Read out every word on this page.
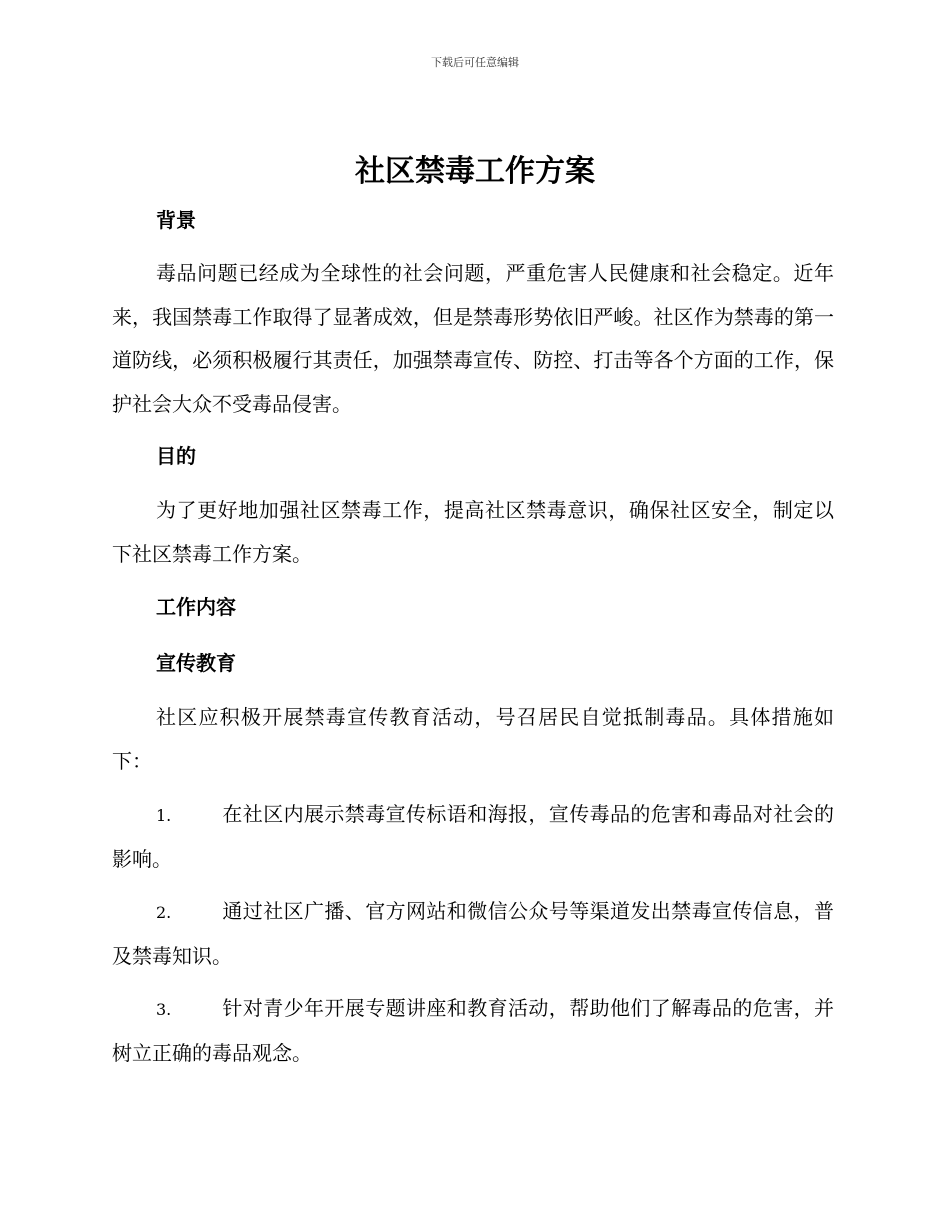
下载后可任意编辑
社区禁毒工作方案
背景

毒品问题已经成为全球性的社会问题，严重危害人民健康和社会稳定。近年来，我国禁毒工作取得了显著成效，但是禁毒形势依旧严峻。社区作为禁毒的第一道防线，必须积极履行其责任，加强禁毒宣传、防控、打击等各个方面的工作，保护社会大众不受毒品侵害。

目的

为了更好地加强社区禁毒工作，提高社区禁毒意识，确保社区安全，制定以下社区禁毒工作方案。

工作内容
宣传教育

社区应积极开展禁毒宣传教育活动，号召居民自觉抵制毒品。具体措施如下：

1.	在社区内展示禁毒宣传标语和海报，宣传毒品的危害和毒品对社会的影响。

2.	通过社区广播、官方网站和微信公众号等渠道发出禁毒宣传信息，普及禁毒知识。

3.	针对青少年开展专题讲座和教育活动，帮助他们了解毒品的危害，并树立正确的毒品观念。
